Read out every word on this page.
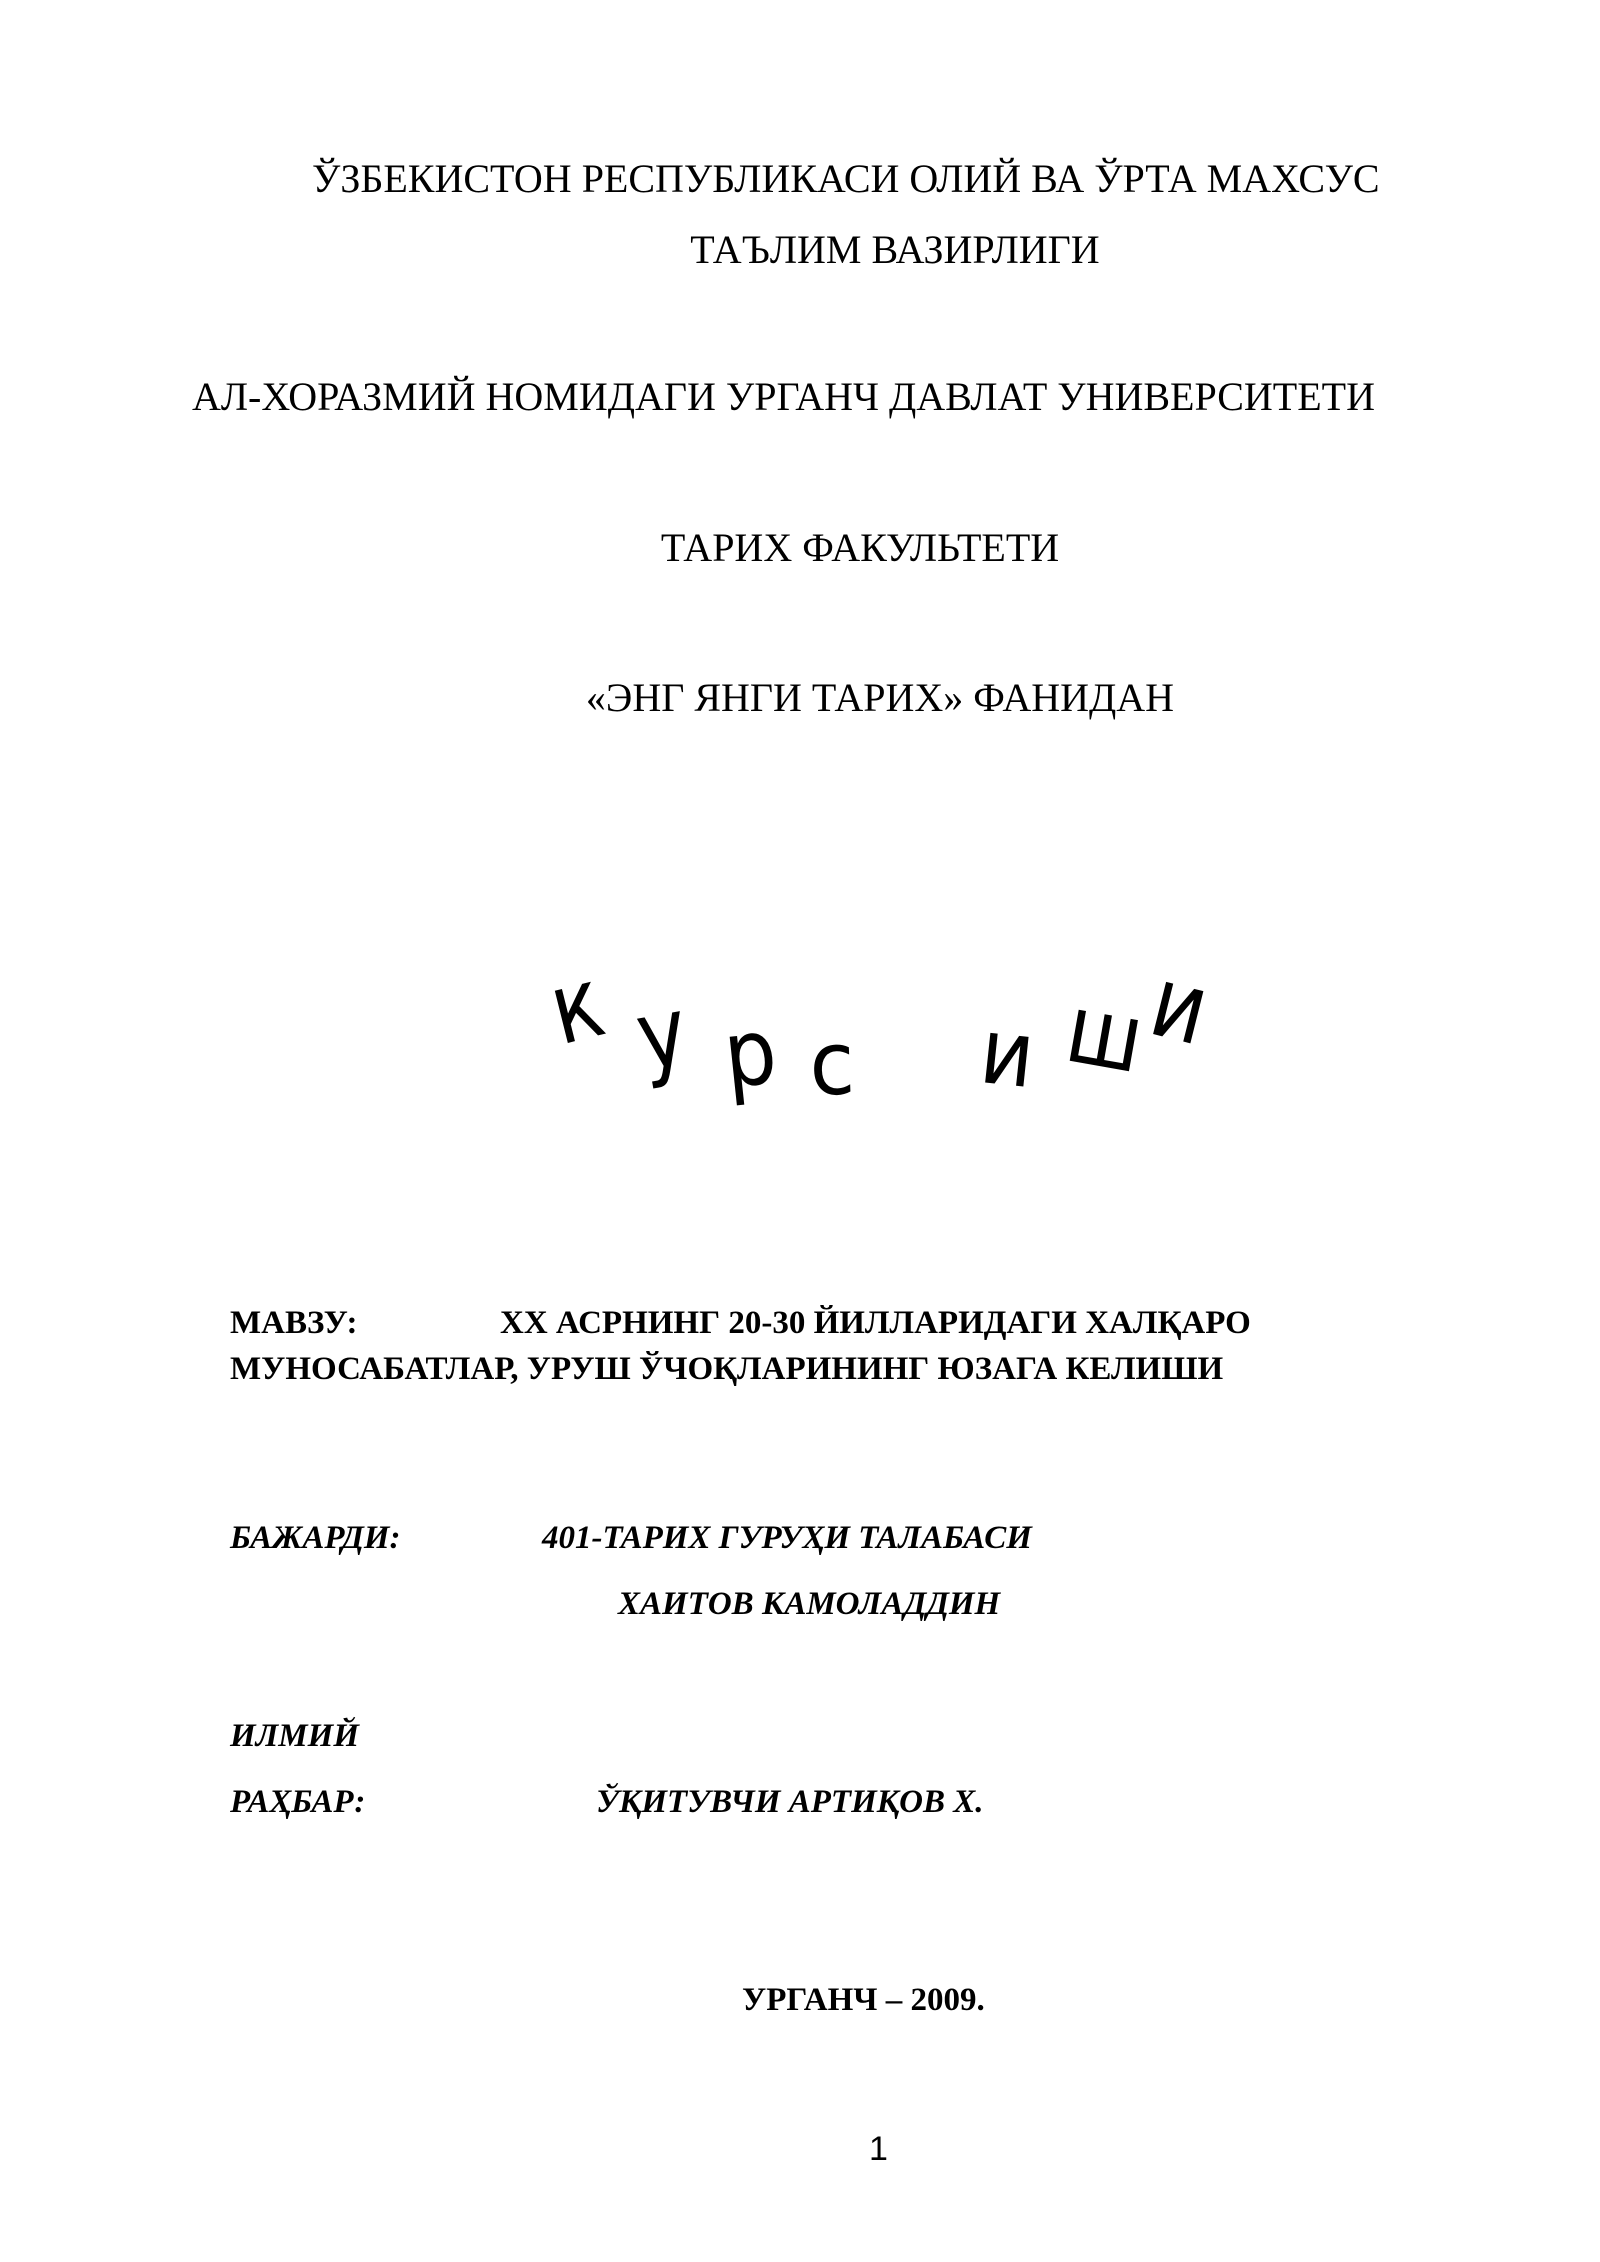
ЎЗБЕКИСТОН РЕСПУБЛИКАСИ ОЛИЙ ВА ЎРТА МАХСУС
ТАЪЛИМ ВАЗИРЛИГИ
АЛ-ХОРАЗМИЙ НОМИДАГИ УРГАНЧ ДАВЛАТ УНИВЕРСИТЕТИ
ТАРИХ ФАКУЛЬТЕТИ
«ЭНГ ЯНГИ ТАРИХ» ФАНИДАН
к у р с и ш
и
МАВЗУ:	ХХ АСРНИНГ 20-30 ЙИЛЛАРИДАГИ ХАЛҚАРО
МУНОСАБАТЛАР, УРУШ ЎЧОҚЛАРИНИНГ ЮЗАГА КЕЛИШИ
БАЖАРДИ:	401-ТАРИХ ГУРУҲИ ТАЛАБАСИ
ХАИТОВ КАМОЛАДДИН
ИЛМИЙ
РАҲБАР:	ЎҚИТУВЧИ АРТИҚОВ Х.
УРГАНЧ – 2009.
1
